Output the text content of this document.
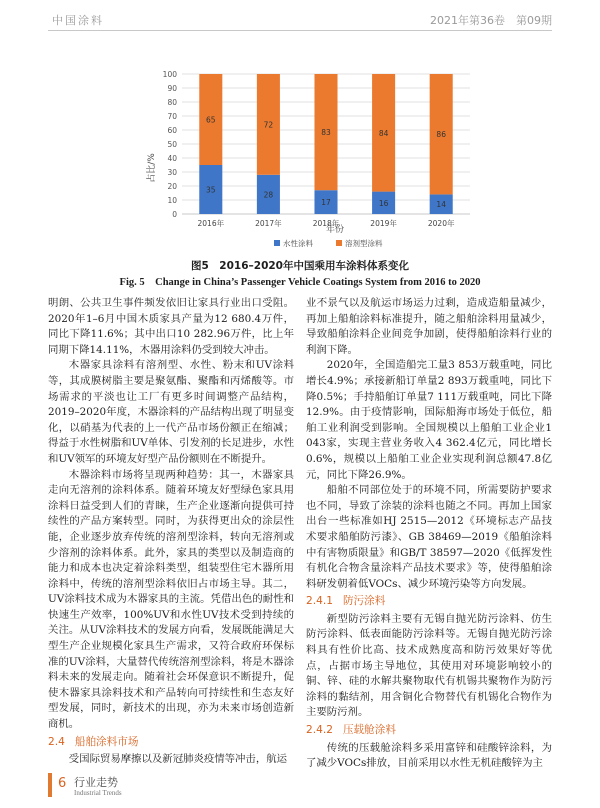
中国涂料	2021年第36卷　第09期
0
10
20
30
40
50
60
70
80
90
100
35
65
28
72
17
83
16
84
14
86
2016年	2017年	2018年	2019年	2020年
占比/%
年份
水性涂料	溶剂型涂料
图5　2016–2020年中国乘用车涂料体系变化
Fig. 5　Change in China’s Passenger Vehicle Coatings System from 2016 to 2020

明朗、公共卫生事件频发依旧让家具行业出口受阻。2020年1–6月中国木质家具产量为12 680.4万件，同比下降11.6%；其中出口10 282.96万件，比上年同期下降14.11%，木器用涂料仍受到较大冲击。

木器家具涂料有溶剂型、水性、粉末和UV涂料等，其成膜树脂主要是聚氨酯、聚酯和丙烯酸等。市场需求的平淡也让工厂有更多时间调整产品结构，2019–2020年度，木器涂料的产品结构出现了明显变化，以硝基为代表的上一代产品市场份额正在缩减；得益于水性树脂和UV单体、引发剂的长足进步，水性和UV领军的环境友好型产品份额则在不断提升。

木器涂料市场将呈现两种趋势：其一，木器家具走向无溶剂的涂料体系。随着环境友好型绿色家具用涂料日益受到人们的青睐，生产企业逐渐向提供可持续性的产品方案转型。同时，为获得更出众的涂层性能，企业逐步放弃传统的溶剂型涂料，转向无溶剂或少溶剂的涂料体系。此外，家具的类型以及制造商的能力和成本也决定着涂料类型，组装型住宅木器所用涂料中，传统的溶剂型涂料依旧占市场主导。其二，UV涂料技术成为木器家具的主流。凭借出色的耐性和快速生产效率，100%UV和水性UV技术受到持续的关注。从UV涂料技术的发展方向看，发展既能满足大型生产企业规模化家具生产需求，又符合政府环保标准的UV涂料，大量替代传统溶剂型涂料，将是木器涂料未来的发展走向。随着社会环保意识不断提升，促使木器家具涂料技术和产品转向可持续性和生态友好型发展，同时，新技术的出现，亦为未来市场创造新商机。

2.4 船舶涂料市场

受国际贸易摩擦以及新冠肺炎疫情等冲击，航运

业不景气以及航运市场运力过剩，造成造船量减少，再加上船舶涂料标准提升，随之船舶涂料用量减少，导致船舶涂料企业间竞争加剧，使得船舶涂料行业的利润下降。

2020年，全国造船完工量3 853万载重吨，同比增长4.9%；承接新船订单量2 893万载重吨，同比下降0.5%；手持船舶订单量7 111万载重吨，同比下降12.9%。由于疫情影响，国际船海市场处于低位，船舶工业利润受到影响。全国规模以上船舶工业企业1 043家，实现主营业务收入4 362.4亿元，同比增长0.6%，规模以上船舶工业企业实现利润总额47.8亿元，同比下降26.9%。

船舶不同部位处于的环境不同，所需要防护要求也不同，导致了涂装的涂料也随之不同。再加上国家出台一些标准如HJ 2515—2012《环境标志产品技术要求船舶防污漆》、GB 38469—2019《船舶涂料中有害物质限量》和GB/T 38597—2020《低挥发性有机化合物含量涂料产品技术要求》等，使得船舶涂料研发朝着低VOCs、减少环境污染等方向发展。

2.4.1 防污涂料

新型防污涂料主要有无锡自抛光防污涂料、仿生防污涂料、低表面能防污涂料等。无锡自抛光防污涂料具有性价比高、技术成熟度高和防污效果好等优点，占据市场主导地位，其使用对环境影响较小的铜、锌、硅的水解共聚物取代有机锡共聚物作为防污涂料的黏结剂，用含铜化合物替代有机锡化合物作为主要防污剂。

2.4.2 压载舱涂料

传统的压载舱涂料多采用富锌和硅酸锌涂料，为了减少VOCs排放，目前采用以水性无机硅酸锌为主

6 行业走势
Industrial Trends
